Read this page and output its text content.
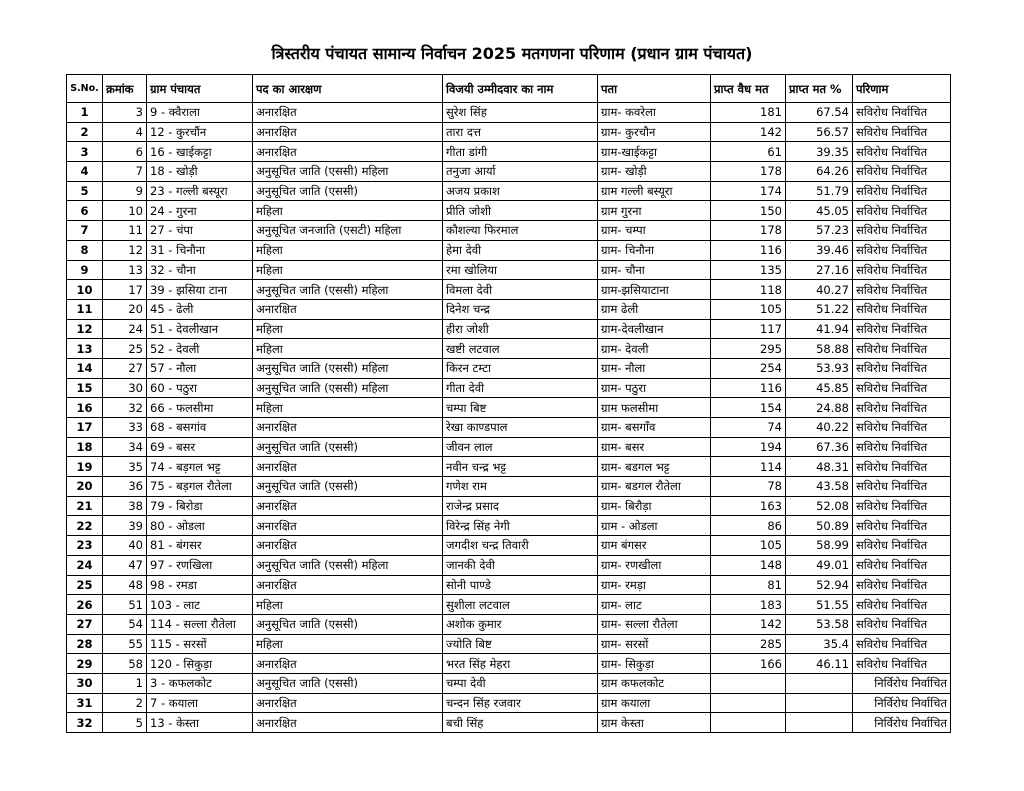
त्रिस्तरीय पंचायत सामान्य निर्वाचन 2025 मतगणना परिणाम (प्रधान ग्राम पंचायत)
S.No.	क्रमांक	ग्राम पंचायत	पद का आरक्षण	विजयी उम्मीदवार का नाम	पता	प्राप्त वैध मत	प्राप्त मत %	परिणाम
1	3	9 - क्वैराला	अनारक्षित	सुरेश सिंह	ग्राम- कवरेला	181	67.54	सविरोध निर्वाचित
2	4	12 - कुरचौंन	अनारक्षित	तारा दत्त	ग्राम- कुरचौन	142	56.57	सविरोध निर्वाचित
3	6	16 - खाईकट्टा	अनारक्षित	गीता डांगी	ग्राम-खाईकट्टा	61	39.35	सविरोध निर्वाचित
4	7	18 - खोड़ी	अनुसूचित जाति (एससी) महिला	तनुजा आर्या	ग्राम- खोड़ी	178	64.26	सविरोध निर्वाचित
5	9	23 - गल्ली बस्यूरा	अनुसूचित जाति (एससी)	अजय प्रकाश	ग्राम गल्ली बस्यूरा	174	51.79	सविरोध निर्वाचित
6	10	24 - गुरना	महिला	प्रीति जोशी	ग्राम गुरना	150	45.05	सविरोध निर्वाचित
7	11	27 - चंपा	अनुसूचित जनजाति (एसटी) महिला	कौशल्या फिरमाल	ग्राम- चम्पा	178	57.23	सविरोध निर्वाचित
8	12	31 - चिनौना	महिला	हेमा देवी	ग्राम- चिनौना	116	39.46	सविरोध निर्वाचित
9	13	32 - चौना	महिला	रमा खोलिया	ग्राम- चौना	135	27.16	सविरोध निर्वाचित
10	17	39 - झसिया टाना	अनुसूचित जाति (एससी) महिला	विमला देवी	ग्राम-झसियाटाना	118	40.27	सविरोध निर्वाचित
11	20	45 - ढेली	अनारक्षित	दिनेश चन्द्र	ग्राम ढेली	105	51.22	सविरोध निर्वाचित
12	24	51 - देवलीखान	महिला	हीरा जोशी	ग्राम-देवलीखान	117	41.94	सविरोध निर्वाचित
13	25	52 - देवली	महिला	खष्टी लटवाल	ग्राम- देवली	295	58.88	सविरोध निर्वाचित
14	27	57 - नौला	अनुसूचित जाति (एससी) महिला	किरन टम्टा	ग्राम- नौला	254	53.93	सविरोध निर्वाचित
15	30	60 - पठुरा	अनुसूचित जाति (एससी) महिला	गीता देवी	ग्राम- पठुरा	116	45.85	सविरोध निर्वाचित
16	32	66 - फलसीमा	महिला	चम्पा बिष्ट	ग्राम फलसीमा	154	24.88	सविरोध निर्वाचित
17	33	68 - बसगांव	अनारक्षित	रेखा काण्डपाल	ग्राम- बसगाँव	74	40.22	सविरोध निर्वाचित
18	34	69 - बसर	अनुसूचित जाति (एससी)	जीवन लाल	ग्राम- बसर	194	67.36	सविरोध निर्वाचित
19	35	74 - बड़गल भट्ट	अनारक्षित	नवीन चन्द्र भट्ट	ग्राम- बडगल भट्ट	114	48.31	सविरोध निर्वाचित
20	36	75 - बड़गल रौतेला	अनुसूचित जाति (एससी)	गणेश राम	ग्राम- बडगल रौतेला	78	43.58	सविरोध निर्वाचित
21	38	79 - बिरोडा	अनारक्षित	राजेन्द्र प्रसाद	ग्राम- बिरौड़ा	163	52.08	सविरोध निर्वाचित
22	39	80 - ओडला	अनारक्षित	विरेन्द्र सिंह नेगी	ग्राम - ओडला	86	50.89	सविरोध निर्वाचित
23	40	81 - बंगसर	अनारक्षित	जगदीश चन्द्र तिवारी	ग्राम बंगसर	105	58.99	सविरोध निर्वाचित
24	47	97 - रणखिला	अनुसूचित जाति (एससी) महिला	जानकी देवी	ग्राम- रणखीला	148	49.01	सविरोध निर्वाचित
25	48	98 - रमडा	अनारक्षित	सोनी पाण्डे	ग्राम- रमड़ा	81	52.94	सविरोध निर्वाचित
26	51	103 - लाट	महिला	सुशीला लटवाल	ग्राम- लाट	183	51.55	सविरोध निर्वाचित
27	54	114 - सल्ला रौतेला	अनुसूचित जाति (एससी)	अशोक कुमार	ग्राम- सल्ला रौतेला	142	53.58	सविरोध निर्वाचित
28	55	115 - सरसों	महिला	ज्योति बिष्ट	ग्राम- सरसों	285	35.4	सविरोध निर्वाचित
29	58	120 - सिकुड़ा	अनारक्षित	भरत सिंह मेहरा	ग्राम- सिकुड़ा	166	46.11	सविरोध निर्वाचित
30	1	3 - कफलकोट	अनुसूचित जाति (एससी)	चम्पा देवी	ग्राम कफलकोट			निर्विरोध निर्वाचित
31	2	7 - कयाला	अनारक्षित	चन्दन सिंह रजवार	ग्राम कयाला			निर्विरोध निर्वाचित
32	5	13 - केस्ता	अनारक्षित	बची सिंह	ग्राम केस्ता			निर्विरोध निर्वाचित
